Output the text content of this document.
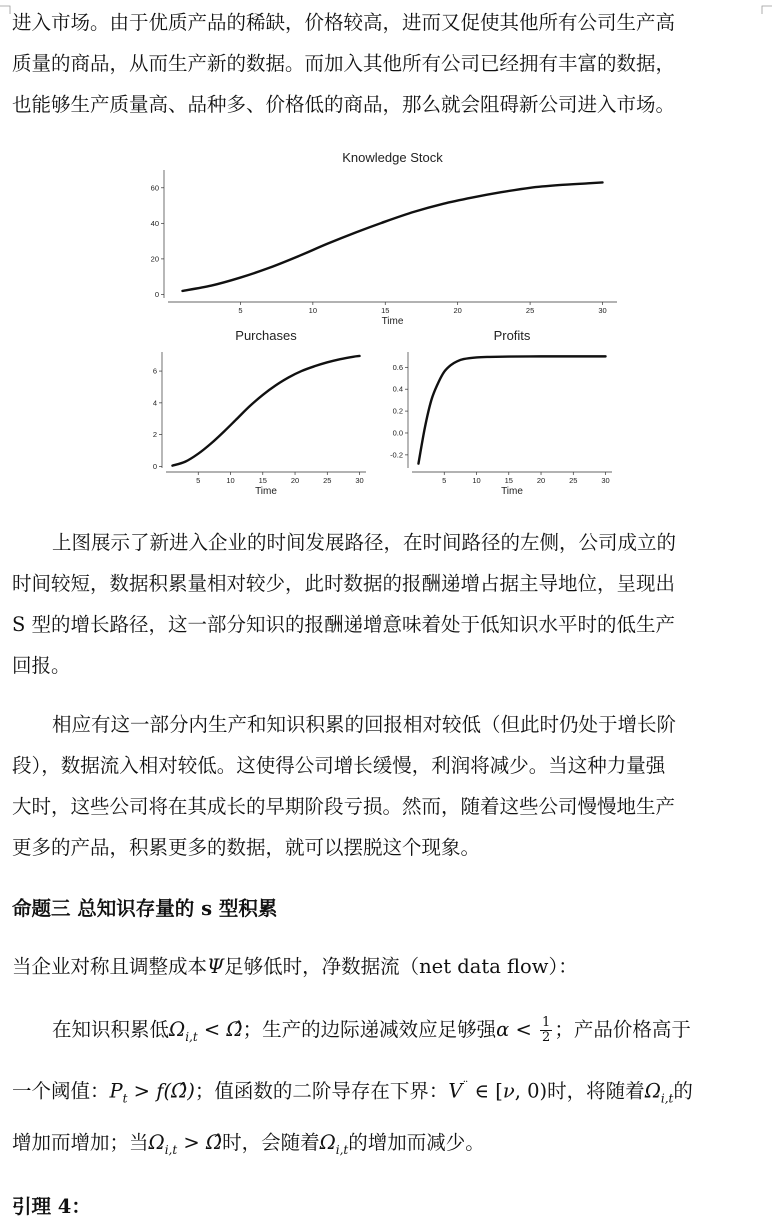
进入市场。由于优质产品的稀缺，价格较高，进而又促使其他所有公司生产高
质量的商品，从而生产新的数据。而加入其他所有公司已经拥有丰富的数据，
也能够生产质量高、品种多、价格低的商品，那么就会阻碍新公司进入市场。
Knowledge Stock
5	10	15	20	25	30
0
20
40
60
Time
Purchases
5	10	15	20	25	30
0
2
4
6
Time
Profits
5	10	15	20	25	30
-0.2
0.0
0.2
0.4
0.6
Time
上图展示了新进入企业的时间发展路径，在时间路径的左侧，公司成立的
时间较短，数据积累量相对较少，此时数据的报酬递增占据主导地位，呈现出
S 型的增长路径，这一部分知识的报酬递增意味着处于低知识水平时的低生产
回报。
相应有这一部分内生产和知识积累的回报相对较低（但此时仍处于增长阶
段），数据流入相对较低。这使得公司增长缓慢，利润将减少。当这种力量强
大时，这些公司将在其成长的早期阶段亏损。然而，随着这些公司慢慢地生产
更多的产品，积累更多的数据，就可以摆脱这个现象。
命题三 总知识存量的 s 型积累
当企业对称且调整成本Ψ足够低时，净数据流（net data flow）：
在知识积累低$\Omega_{i,t}$ < Ω̂；生产的边际递减效应足够强$\alpha < \frac{1}{2}$ ；产品价格高于
一个阈值：$P_t$ > f(Ω̂)；值函数的二阶导存在下界：V¨ ∈ [ν, 0)时，将随着$\Omega_{i,t}$的
增加而增加；当$\Omega_{i,t}$ > Ω̂时，会随着$\Omega_{i,t}$的增加而减少。
引理 4：
